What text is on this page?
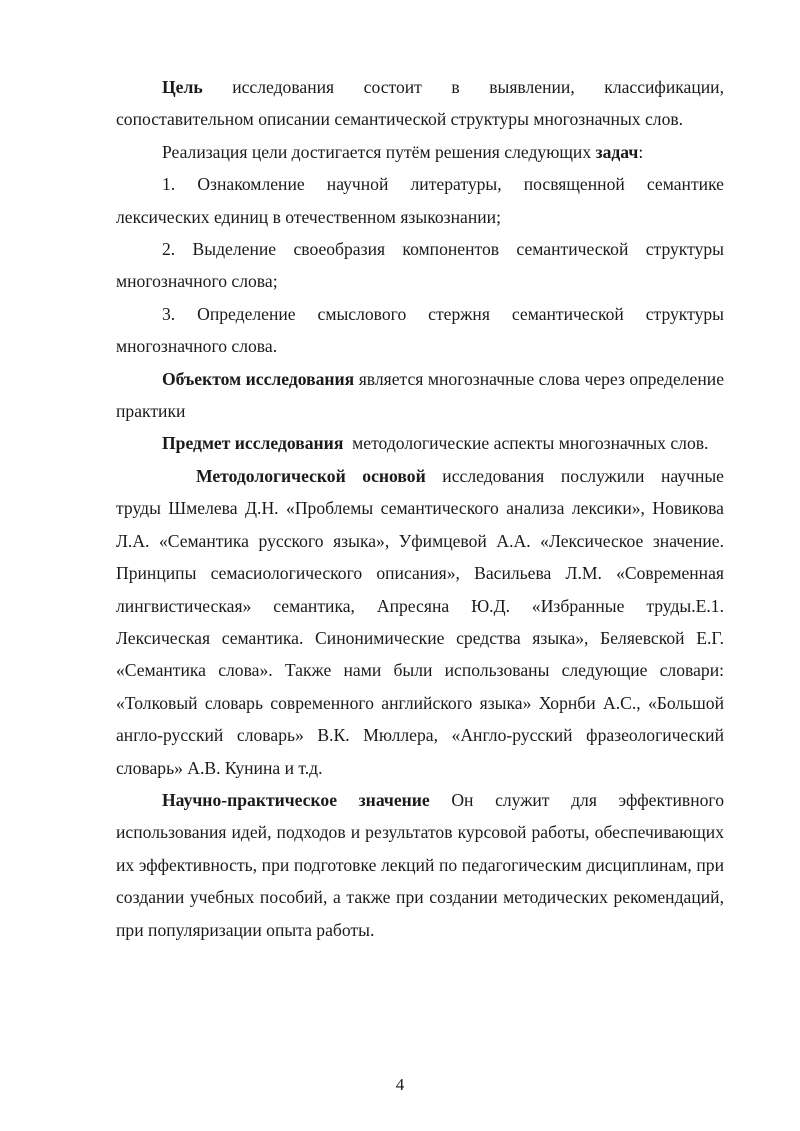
Цель исследования состоит в выявлении, классификации, сопоставительном описании семантической структуры многозначных слов.

Реализация цели достигается путём решения следующих задач:

1. Ознакомление научной литературы, посвященной семантике лексических единиц в отечественном языкознании;

2. Выделение своеобразия компонентов семантической структуры многозначного слова;

3. Определение смыслового стержня семантической структуры многозначного слова.

Объектом исследования является многозначные слова через определение практики

Предмет исследования  методологические аспекты многозначных слов.

Методологической основой исследования послужили научные труды Шмелева Д.Н. «Проблемы семантического анализа лексики», Новикова Л.А. «Семантика русского языка», Уфимцевой А.А. «Лексическое значение. Принципы семасиологического описания», Васильева Л.М. «Современная лингвистическая» семантика, Апресяна Ю.Д. «Избранные труды.Е.1. Лексическая семантика. Синонимические средства языка», Беляевской Е.Г. «Семантика слова». Также нами были использованы следующие словари: «Толковый словарь современного английского языка» Хорнби А.С., «Большой англо-русский словарь» В.К. Мюллера, «Англо-русский фразеологический словарь» А.В. Кунина и т.д.

Научно-практическое значение Он служит для эффективного использования идей, подходов и результатов курсовой работы, обеспечивающих их эффективность, при подготовке лекций по педагогическим дисциплинам, при создании учебных пособий, а также при создании методических рекомендаций, при популяризации опыта работы.

4
